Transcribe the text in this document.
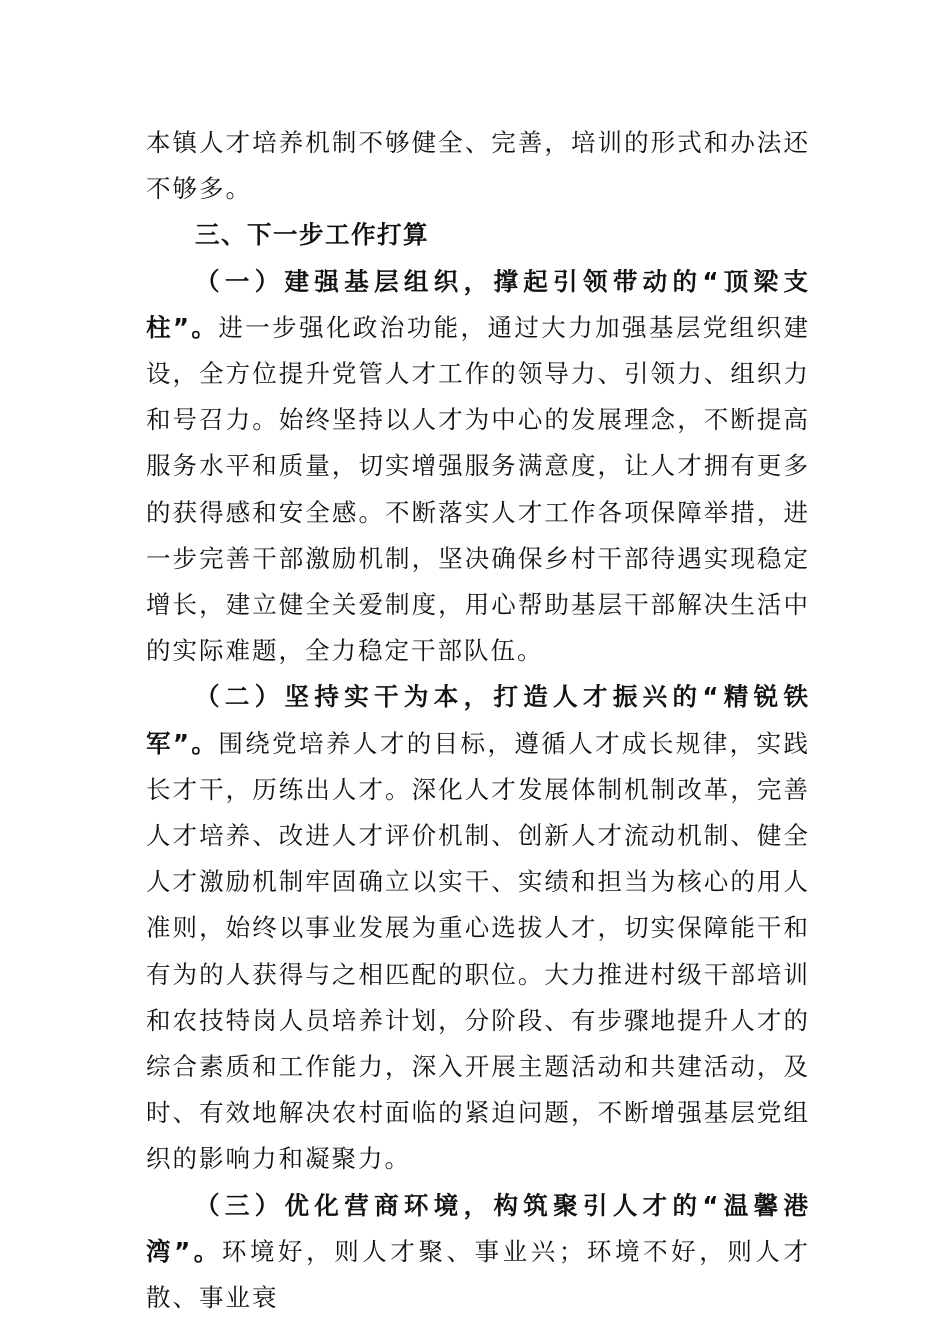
本镇人才培养机制不够健全、完善，培训的形式和办法还不够多。

三、下一步工作打算

（一）建强基层组织，撑起引领带动的“顶梁支柱”。进一步强化政治功能，通过大力加强基层党组织建设，全方位提升党管人才工作的领导力、引领力、组织力和号召力。始终坚持以人才为中心的发展理念，不断提高服务水平和质量，切实增强服务满意度，让人才拥有更多的获得感和安全感。不断落实人才工作各项保障举措，进一步完善干部激励机制，坚决确保乡村干部待遇实现稳定增长，建立健全关爱制度，用心帮助基层干部解决生活中的实际难题，全力稳定干部队伍。

（二）坚持实干为本，打造人才振兴的“精锐铁军”。围绕党培养人才的目标，遵循人才成长规律，实践长才干，历练出人才。深化人才发展体制机制改革，完善人才培养、改进人才评价机制、创新人才流动机制、健全人才激励机制牢固确立以实干、实绩和担当为核心的用人准则，始终以事业发展为重心选拔人才，切实保障能干和有为的人获得与之相匹配的职位。大力推进村级干部培训和农技特岗人员培养计划，分阶段、有步骤地提升人才的综合素质和工作能力，深入开展主题活动和共建活动，及时、有效地解决农村面临的紧迫问题，不断增强基层党组织的影响力和凝聚力。

（三）优化营商环境，构筑聚引人才的“温馨港湾”。环境好，则人才聚、事业兴；环境不好，则人才散、事业衰
